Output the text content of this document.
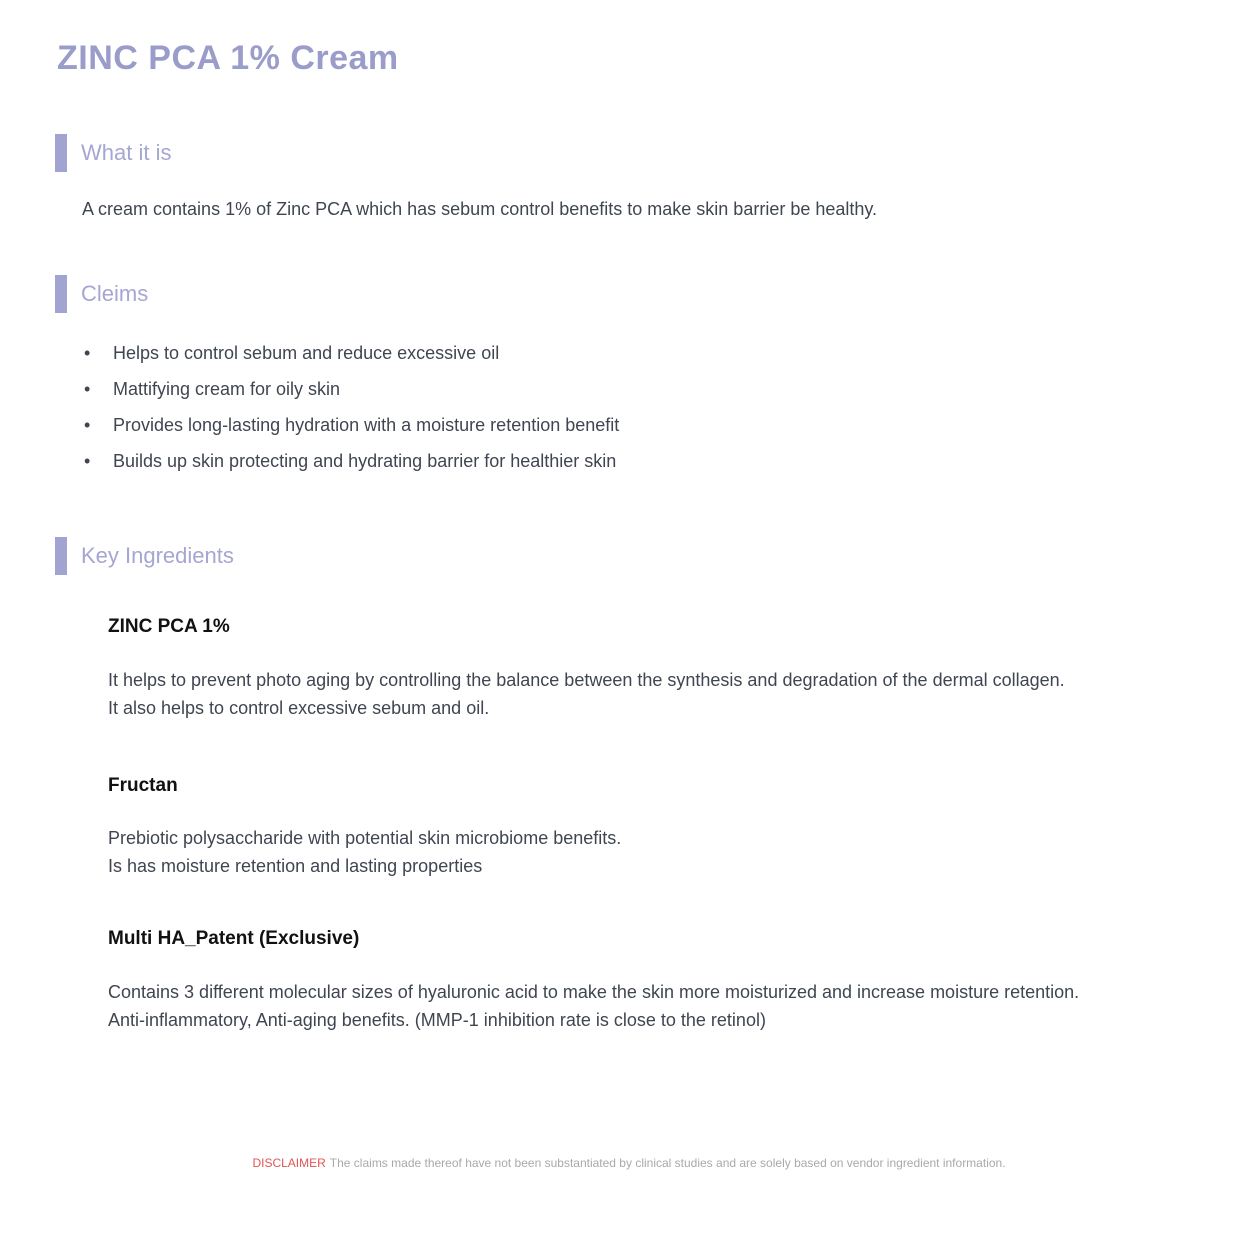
ZINC PCA 1% Cream
What it is

A cream contains 1% of Zinc PCA which has sebum control benefits to make skin barrier be healthy.

Cleims
•	Helps to control sebum and reduce excessive oil
•	Mattifying cream for oily skin
•	Provides long-lasting hydration with a moisture retention benefit
•	Builds up skin protecting and hydrating barrier for healthier skin
Key Ingredients
ZINC PCA 1%

It helps to prevent photo aging by controlling the balance between the synthesis and degradation of the dermal collagen.
It also helps to control excessive sebum and oil.

Fructan

Prebiotic polysaccharide with potential skin microbiome benefits.
Is has moisture retention and lasting properties

Multi HA_Patent (Exclusive)

Contains 3 different molecular sizes of hyaluronic acid to make the skin more moisturized and increase moisture retention.
Anti-inflammatory, Anti-aging benefits. (MMP-1 inhibition rate is close to the retinol)

DISCLAIMER The claims made thereof have not been substantiated by clinical studies and are solely based on vendor ingredient information.
